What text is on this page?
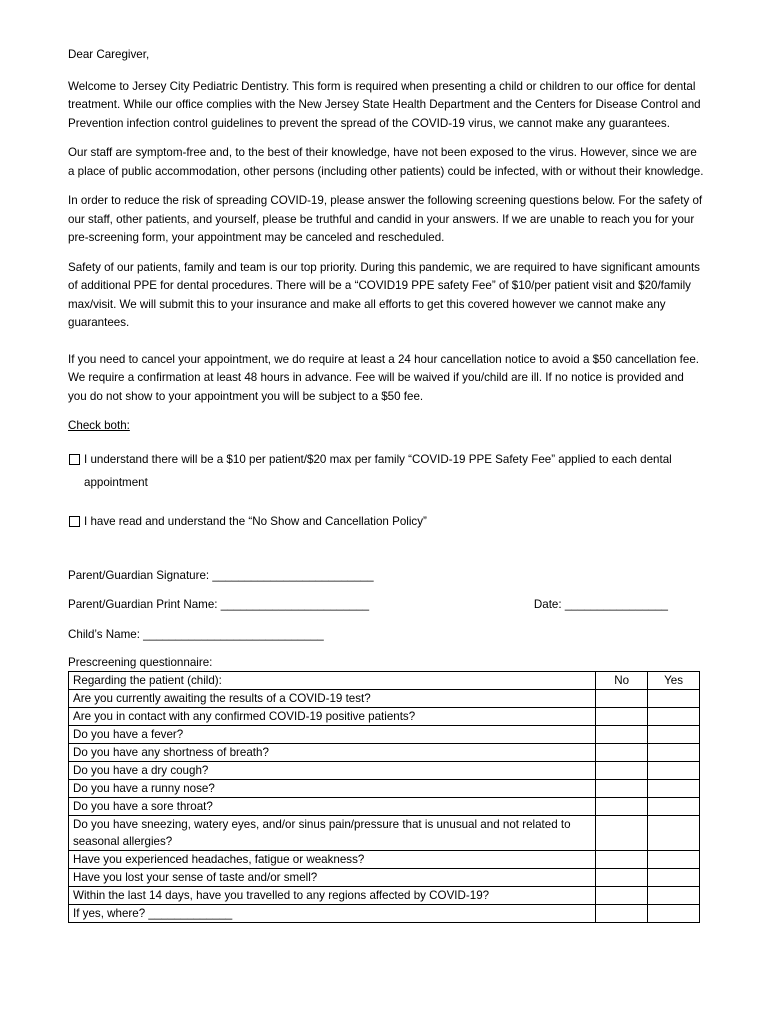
Dear Caregiver,

Welcome to Jersey City Pediatric Dentistry. This form is required when presenting a child or children to our office for dental treatment. While our office complies with the New Jersey State Health Department and the Centers for Disease Control and Prevention infection control guidelines to prevent the spread of the COVID-19 virus, we cannot make any guarantees.

Our staff are symptom-free and, to the best of their knowledge, have not been exposed to the virus. However, since we are a place of public accommodation, other persons (including other patients) could be infected, with or without their knowledge.

In order to reduce the risk of spreading COVID-19, please answer the following screening questions below. For the safety of our staff, other patients, and yourself, please be truthful and candid in your answers. If we are unable to reach you for your pre-screening form, your appointment may be canceled and rescheduled.

Safety of our patients, family and team is our top priority. During this pandemic, we are required to have significant amounts of additional PPE for dental procedures. There will be a “COVID19 PPE safety Fee” of $10/per patient visit and $20/family max/visit. We will submit this to your insurance and make all efforts to get this covered however we cannot make any guarantees.

If you need to cancel your appointment, we do require at least a 24 hour cancellation notice to avoid a $50 cancellation fee. We require a confirmation at least 48 hours in advance. Fee will be waived if you/child are ill. If no notice is provided and you do not show to your appointment you will be subject to a $50 fee.

Check both:

I understand there will be a $10 per patient/$20 max per family “COVID-19 PPE Safety Fee” applied to each dental appointment
I have read and understand the “No Show and Cancellation Policy”

Parent/Guardian Signature: _________________________

Parent/Guardian Print Name: _______________________	Date: ________________

Child’s Name: ____________________________

Prescreening questionnaire:

Regarding the patient (child):	No	Yes
Are you currently awaiting the results of a COVID-19 test?		
Are you in contact with any confirmed COVID-19 positive patients?		
Do you have a fever?		
Do you have any shortness of breath?		
Do you have a dry cough?		
Do you have a runny nose?		
Do you have a sore throat?		
Do you have sneezing, watery eyes, and/or sinus pain/pressure that is unusual and not related to seasonal allergies?		
Have you experienced headaches, fatigue or weakness?		
Have you lost your sense of taste and/or smell?		
Within the last 14 days, have you travelled to any regions affected by COVID-19?		
If yes, where? _____________		
